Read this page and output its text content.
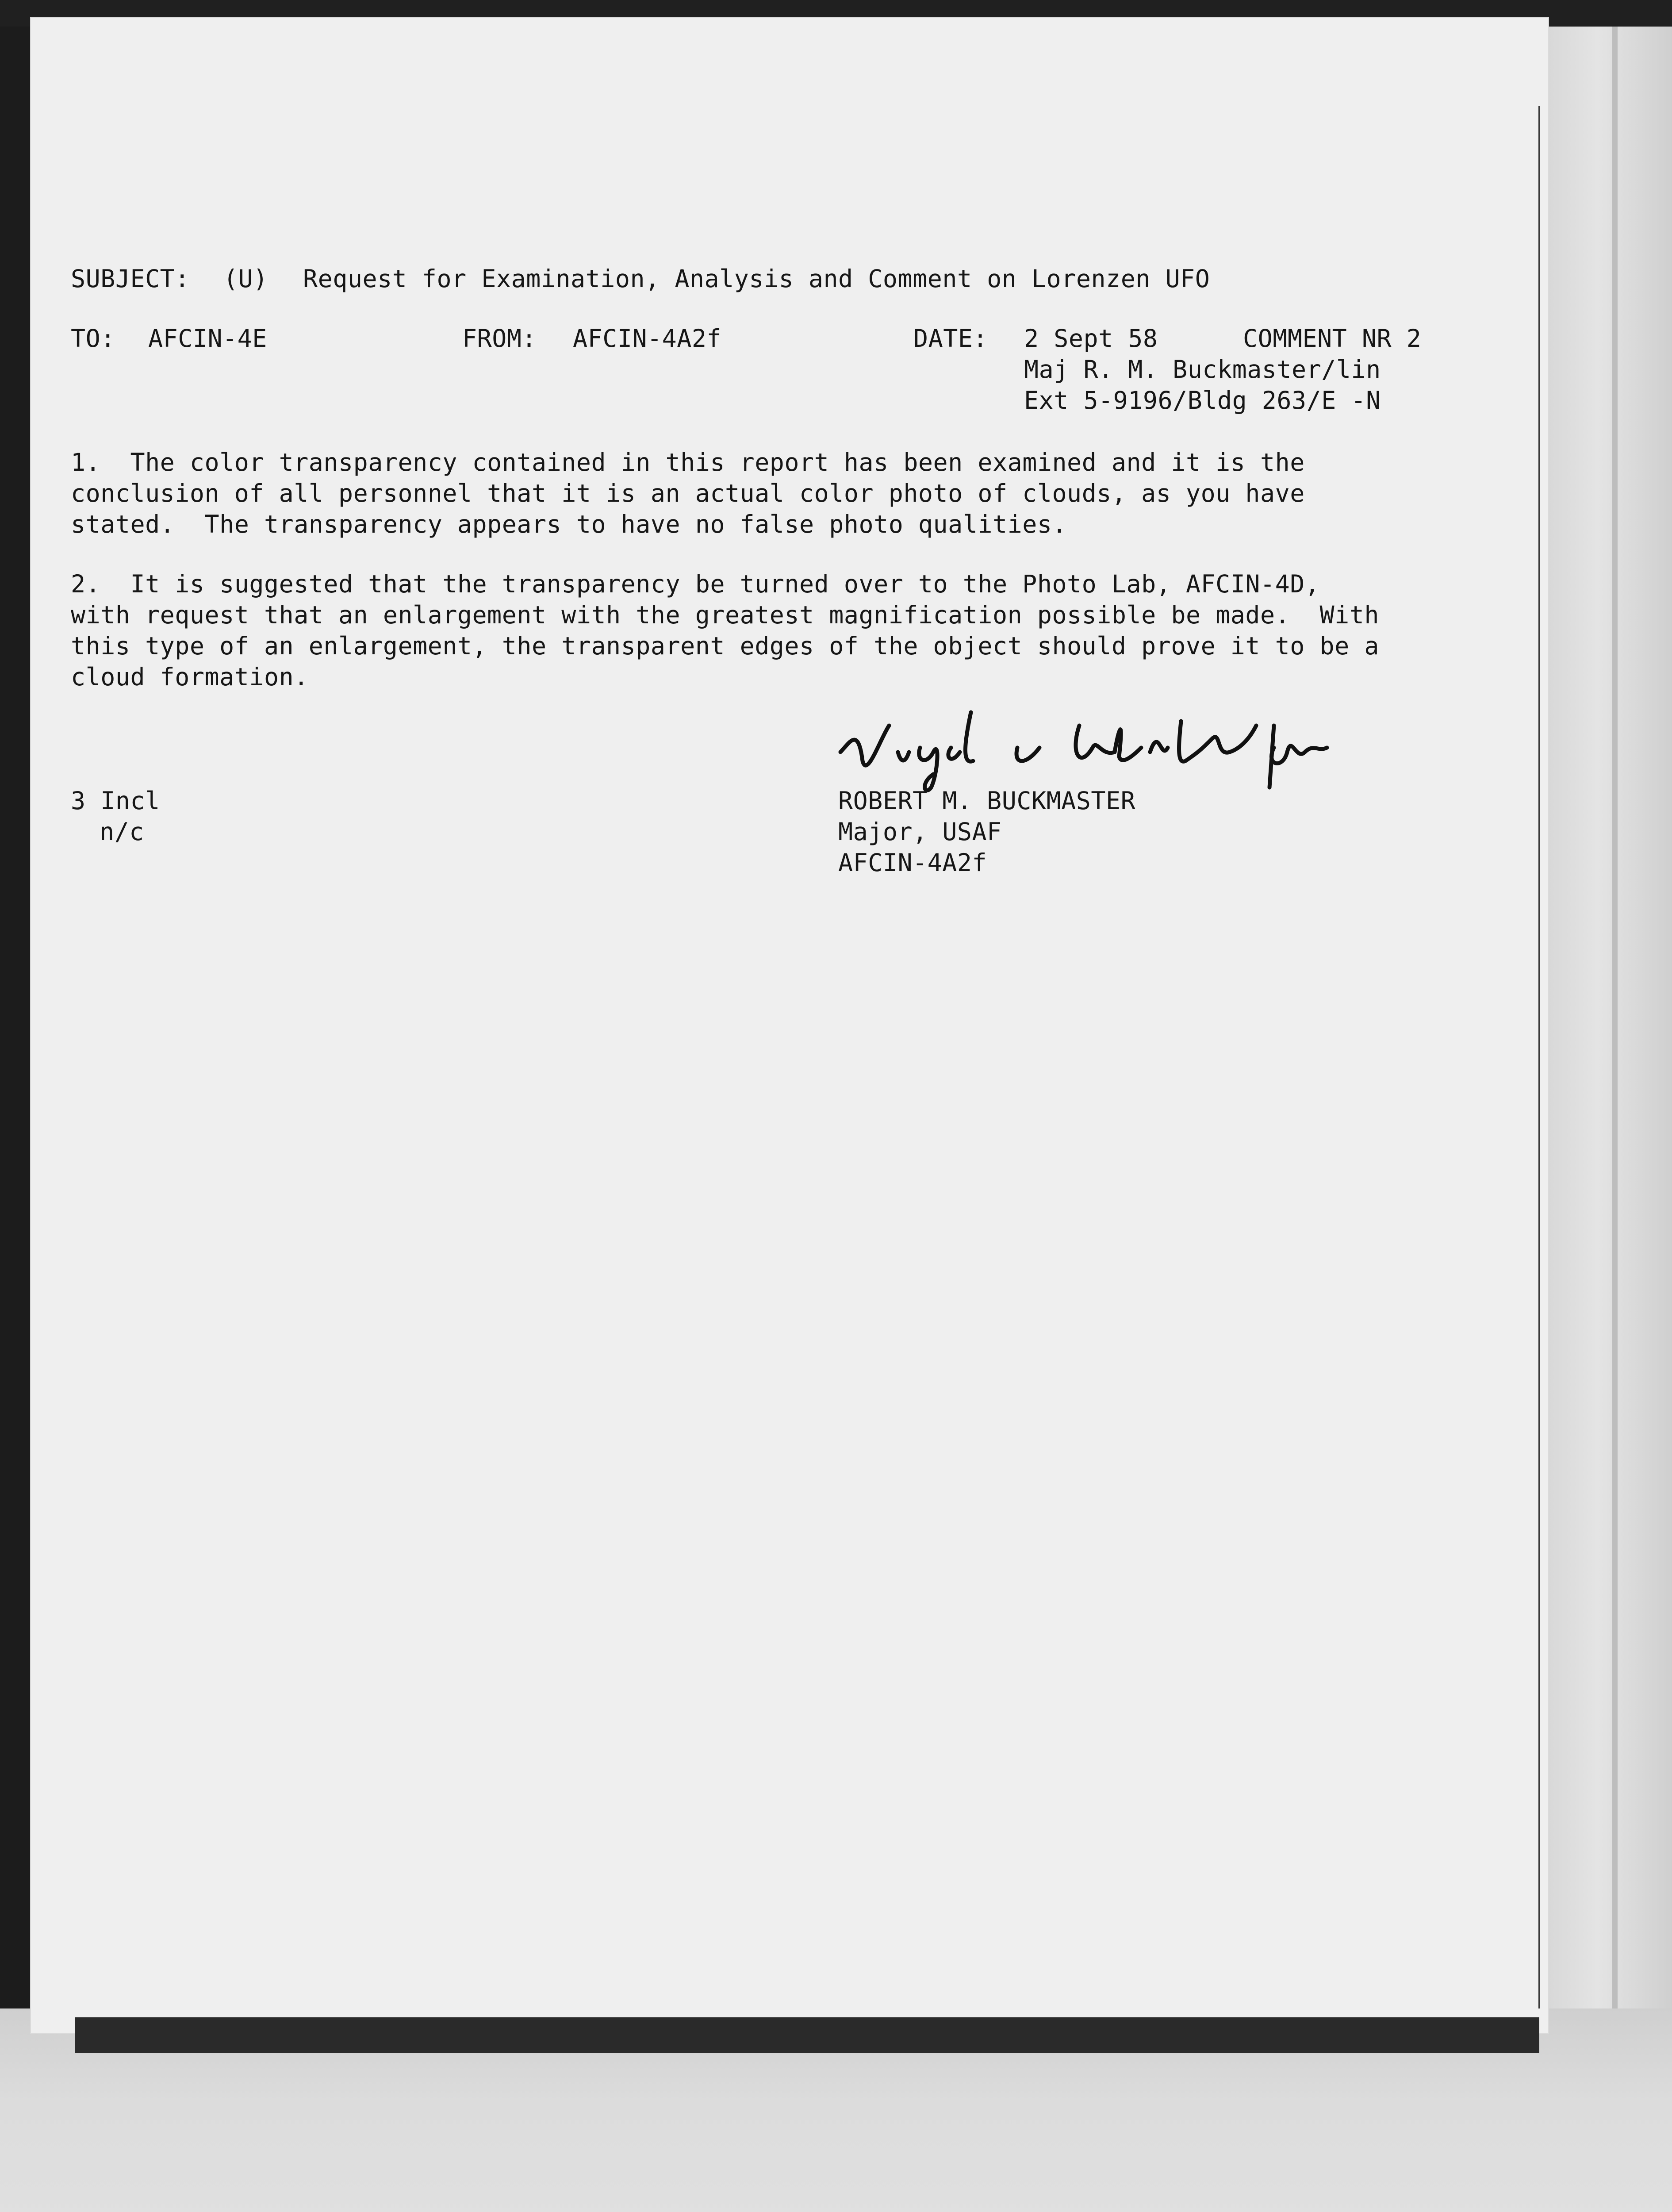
SUBJECT: (U) Request for Examination, Analysis and Comment on Lorenzen UFO
TO: AFCIN-4E	FROM: AFCIN-4A2f	DATE: 2 Sept 58	COMMENT NR 2
Maj R. M. Buckmaster/lin
Ext 5-9196/Bldg 263/E -N
1.  The color transparency contained in this report has been examined and it is the
conclusion of all personnel that it is an actual color photo of clouds, as you have
stated.  The transparency appears to have no false photo qualities.
2.  It is suggested that the transparency be turned over to the Photo Lab, AFCIN-4D,
with request that an enlargement with the greatest magnification possible be made.  With
this type of an enlargement, the transparent edges of the object should prove it to be a
cloud formation.
3 Incl
n/c
ROBERT M. BUCKMASTER
Major, USAF
AFCIN-4A2f
